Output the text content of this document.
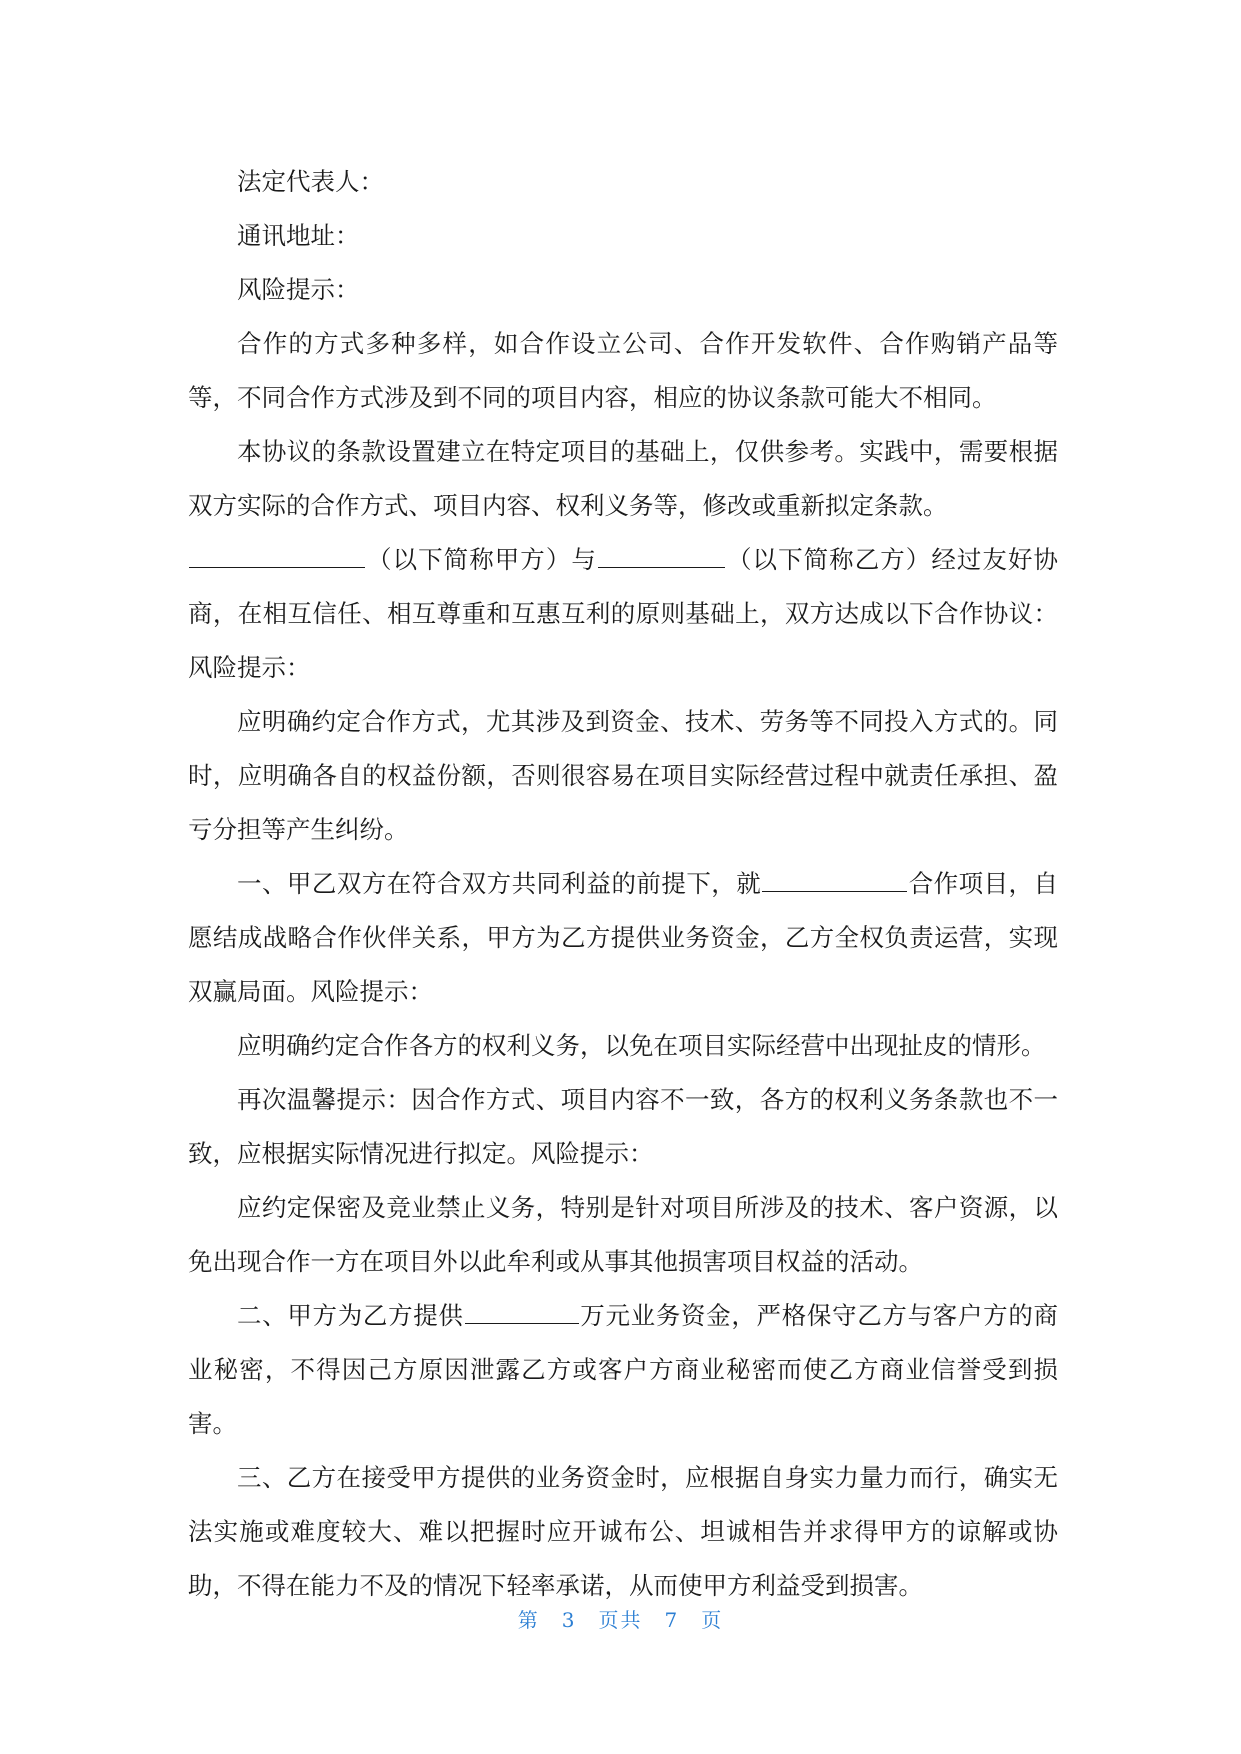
法定代表人：

通讯地址：

风险提示：

合作的方式多种多样，如合作设立公司、合作开发软件、合作购销产品等等，不同合作方式涉及到不同的项目内容，相应的协议条款可能大不相同。

本协议的条款设置建立在特定项目的基础上，仅供参考。实践中，需要根据双方实际的合作方式、项目内容、权利义务等，修改或重新拟定条款。

（以下简称甲方）与	（以下简称乙方）经过友好协商，在相互信任、相互尊重和互惠互利的原则基础上，双方达成以下合作协议：风险提示：

应明确约定合作方式，尤其涉及到资金、技术、劳务等不同投入方式的。同时，应明确各自的权益份额，否则很容易在项目实际经营过程中就责任承担、盈亏分担等产生纠纷。

一、甲乙双方在符合双方共同利益的前提下，就	合作项目，自愿结成战略合作伙伴关系，甲方为乙方提供业务资金，乙方全权负责运营，实现双赢局面。风险提示：

应明确约定合作各方的权利义务，以免在项目实际经营中出现扯皮的情形。

再次温馨提示：因合作方式、项目内容不一致，各方的权利义务条款也不一致，应根据实际情况进行拟定。风险提示：

应约定保密及竞业禁止义务，特别是针对项目所涉及的技术、客户资源，以免出现合作一方在项目外以此牟利或从事其他损害项目权益的活动。

二、甲方为乙方提供	万元业务资金，严格保守乙方与客户方的商业秘密，不得因己方原因泄露乙方或客户方商业秘密而使乙方商业信誉受到损害。

三、乙方在接受甲方提供的业务资金时，应根据自身实力量力而行，确实无法实施或难度较大、难以把握时应开诚布公、坦诚相告并求得甲方的谅解或协助，不得在能力不及的情况下轻率承诺，从而使甲方利益受到损害。

第 3 页共 7 页
